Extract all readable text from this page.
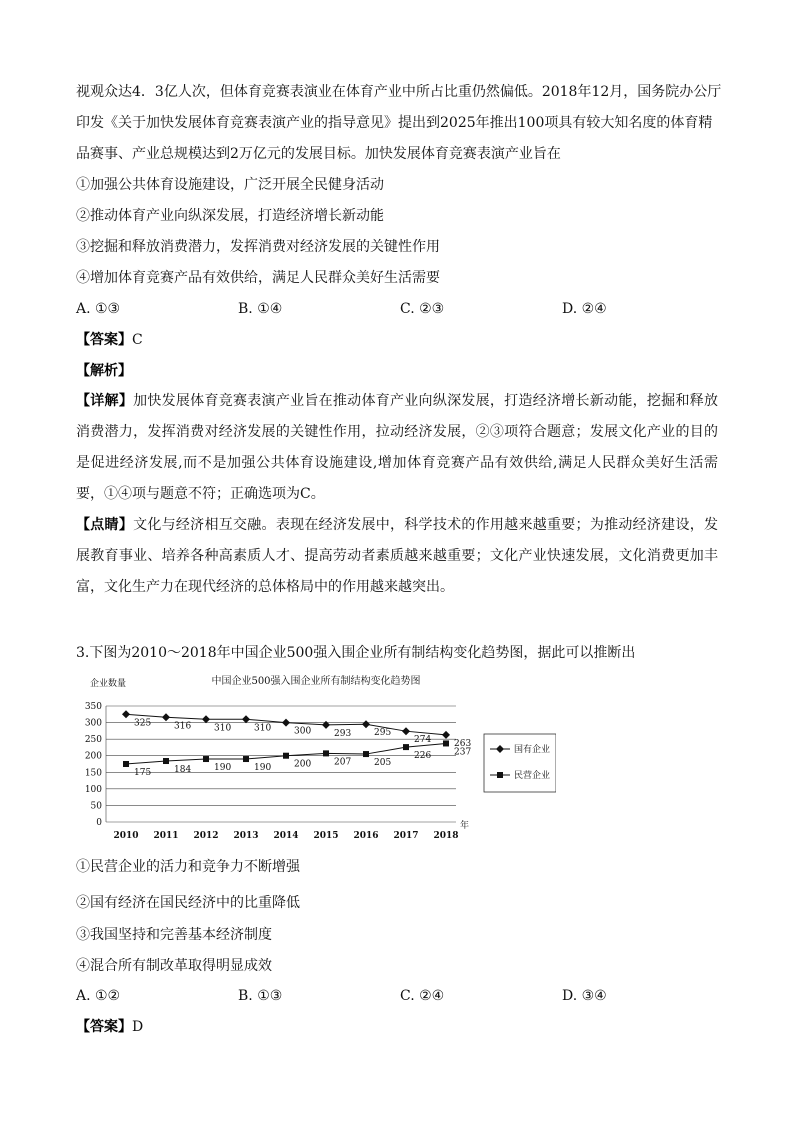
视观众达4．3亿人次，但体育竞赛表演业在体育产业中所占比重仍然偏低。2018年12月，国务院办公厅
印发《关于加快发展体育竞赛表演产业的指导意见》提出到2025年推出100项具有较大知名度的体育精
品赛事、产业总规模达到2万亿元的发展目标。加快发展体育竞赛表演产业旨在
①加强公共体育设施建设，广泛开展全民健身活动
②推动体育产业向纵深发展，打造经济增长新动能
③挖掘和释放消费潜力，发挥消费对经济发展的关键性作用
④增加体育竞赛产品有效供给，满足人民群众美好生活需要
A. ①③	B. ①④	C. ②③	D. ②④
【答案】C
【解析】
【详解】加快发展体育竞赛表演产业旨在推动体育产业向纵深发展，打造经济增长新动能，挖掘和释放消费潜力，发挥消费对经济发展的关键性作用，拉动经济发展，②③项符合题意；发展文化产业的目的是促进经济发展,而不是加强公共体育设施建设,增加体育竞赛产品有效供给,满足人民群众美好生活需要，①④项与题意不符；正确选项为C。
【点睛】文化与经济相互交融。表现在经济发展中，科学技术的作用越来越重要；为推动经济建设，发展教育事业、培养各种高素质人才、提高劳动者素质越来越重要；文化产业快速发展，文化消费更加丰富，文化生产力在现代经济的总体格局中的作用越来越突出。
3.下图为2010～2018年中国企业500强入围企业所有制结构变化趋势图，据此可以推断出
企业数量	中国企业500强入围企业所有制结构变化趋势图
0
50
100
150
200
250
300
350
2010 2011 2012 2013 2014 2015 2016 2017 2018
年
325	316	310	310	300	293	295
274	263
175	184	190	190	200	207	205
226	237	国有企业
民营企业
①民营企业的活力和竞争力不断增强
②国有经济在国民经济中的比重降低
③我国坚持和完善基本经济制度
④混合所有制改革取得明显成效
A. ①②	B. ①③	C. ②④	D. ③④
【答案】D
